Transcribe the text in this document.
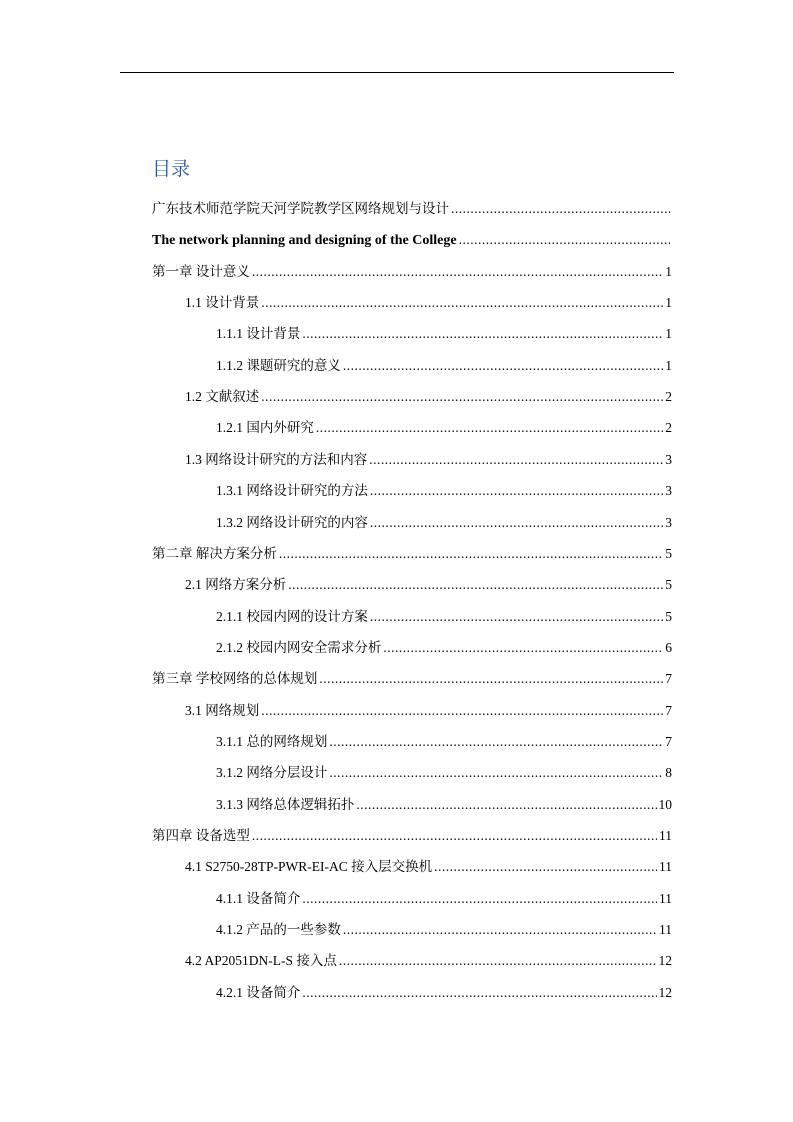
目录
广东技术师范学院天河学院教学区网络规划与设计
.....
The network planning and designing of the College
.....
第一章 设计意义 .....	1
1.1 设计背景 .....	1
1.1.1 设计背景 .....	1
1.1.2 课题研究的意义 .....	1
1.2 文献叙述 .....	2
1.2.1 国内外研究 .....	2
1.3 网络设计研究的方法和内容 .....	3
1.3.1 网络设计研究的方法 .....	3
1.3.2 网络设计研究的内容 .....	3
第二章 解决方案分析 .....	5
2.1 网络方案分析 .....	5
2.1.1 校园内网的设计方案 .....	5
2.1.2 校园内网安全需求分析 .....	6
第三章 学校网络的总体规划 .....	7
3.1 网络规划 .....	7
3.1.1 总的网络规划 .....	7
3.1.2 网络分层设计 .....	8
3.1.3 网络总体逻辑拓扑 .....	10
第四章 设备选型 .....	11
4.1 S2750-28TP-PWR-EI-AC 接入层交换机 .....	11
4.1.1 设备简介 .....	11
4.1.2 产品的一些参数 .....	11
4.2 AP2051DN-L-S 接入点 .....	12
4.2.1 设备简介 .....	12
